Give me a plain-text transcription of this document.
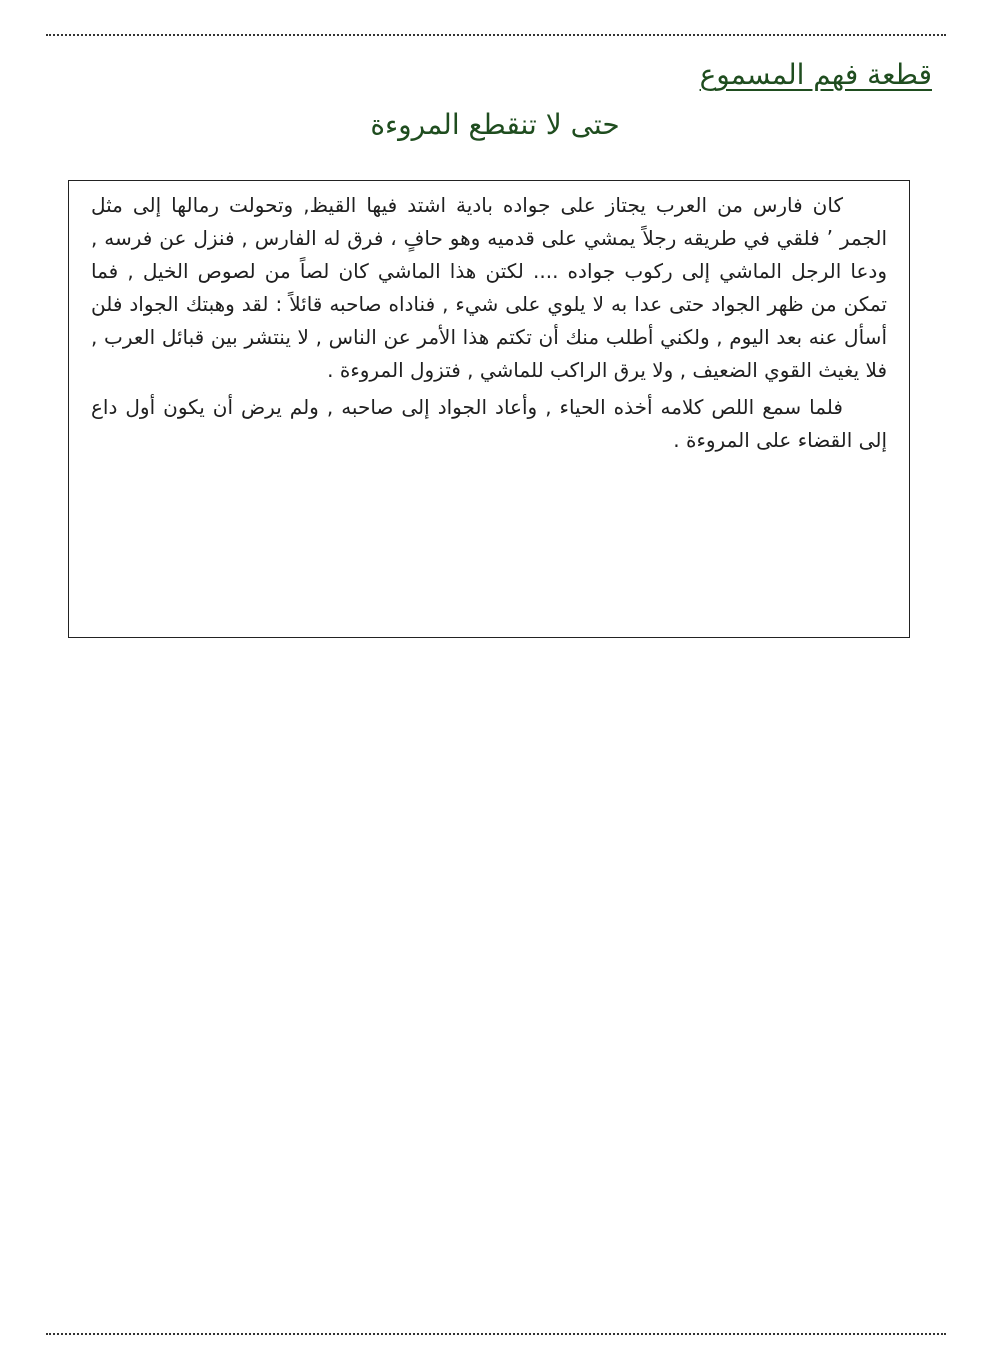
قطعة فهم المسموع
حتى لا تنقطع المروءة

كان فارس من العرب يجتاز على جواده بادية اشتد فيها القيظ, وتحولت رمالها إلى مثل الجمر ’ فلقي في طريقه رجلاً يمشي على قدميه وهو حافٍ ، فرق له الفارس , فنزل عن فرسه , ودعا الرجل الماشي إلى ركوب جواده .... لكتن هذا الماشي كان لصاً من لصوص الخيل , فما تمكن من ظهر الجواد حتى عدا به لا يلوي على شيء , فناداه صاحبه قائلاً : لقد وهبتك الجواد فلن أسأل عنه بعد اليوم , ولكني أطلب منك أن تكتم هذا الأمر عن الناس , لا ينتشر بين قبائل العرب , فلا يغيث القوي الضعيف , ولا يرق الراكب للماشي , فتزول المروءة .

فلما سمع اللص كلامه أخذه الحياء , وأعاد الجواد إلى صاحبه , ولم يرض أن يكون أول داع إلى القضاء على المروءة .
